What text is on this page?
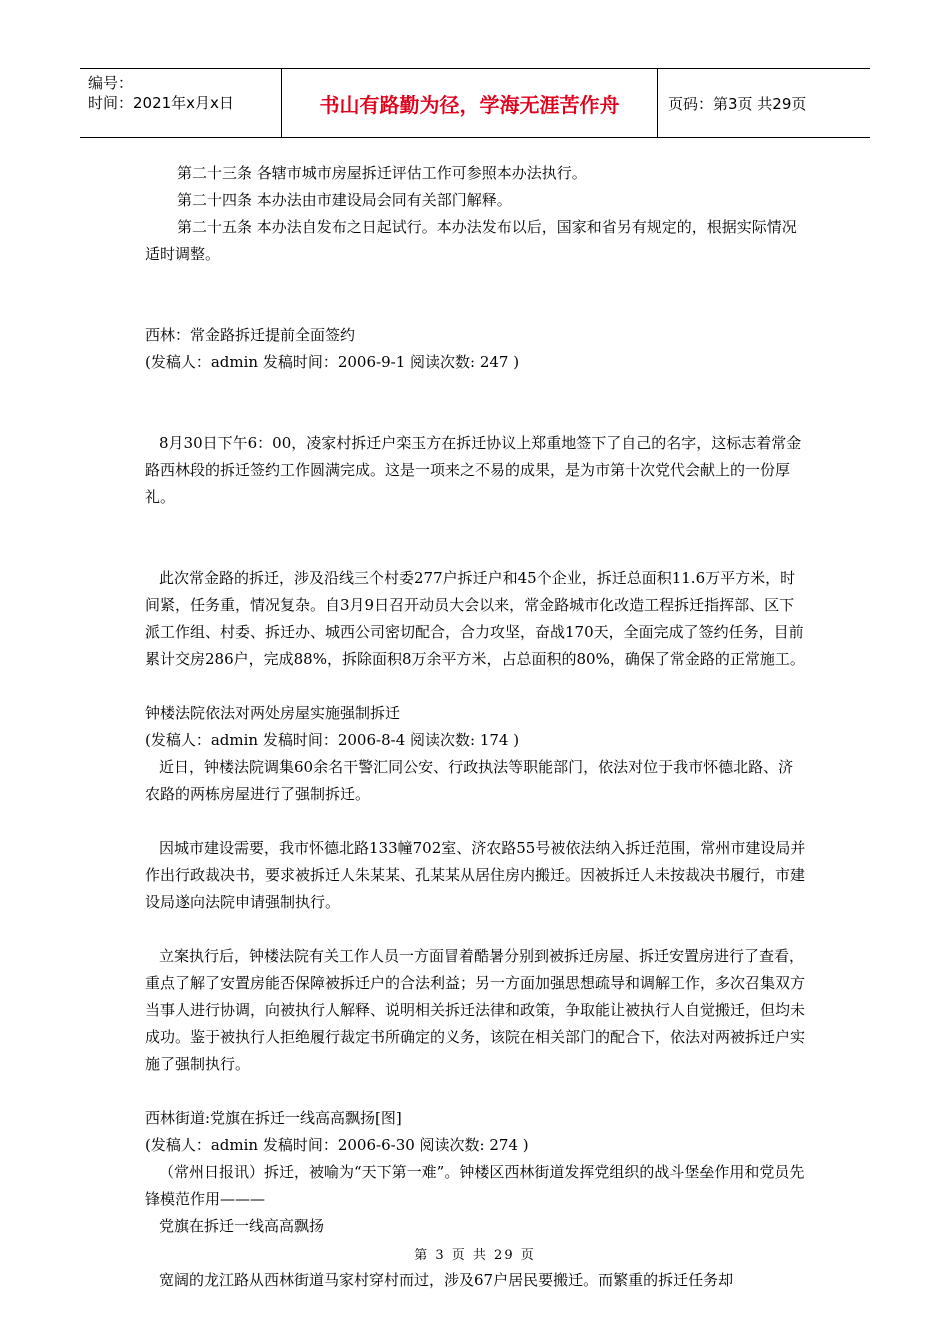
编号：
时间：2021年x月x日	书山有路勤为径，学海无涯苦作舟	页码：第3页 共29页

第二十三条 各辖市城市房屋拆迁评估工作可参照本办法执行。

第二十四条 本办法由市建设局会同有关部门解释。

第二十五条 本办法自发布之日起试行。本办法发布以后，国家和省另有规定的，根据实际情况适时调整。

西林：常金路拆迁提前全面签约

(发稿人：admin 发稿时间：2006-9-1 阅读次数: 247 )

8月30日下午6：00，凌家村拆迁户栾玉方在拆迁协议上郑重地签下了自己的名字，这标志着常金路西林段的拆迁签约工作圆满完成。这是一项来之不易的成果，是为市第十次党代会献上的一份厚礼。

此次常金路的拆迁，涉及沿线三个村委277户拆迁户和45个企业，拆迁总面积11.6万平方米，时间紧，任务重，情况复杂。自3月9日召开动员大会以来，常金路城市化改造工程拆迁指挥部、区下派工作组、村委、拆迁办、城西公司密切配合，合力攻坚，奋战170天，全面完成了签约任务，目前累计交房286户，完成88%，拆除面积8万余平方米，占总面积的80%，确保了常金路的正常施工。

钟楼法院依法对两处房屋实施强制拆迁

(发稿人：admin 发稿时间：2006-8-4 阅读次数: 174 )

近日，钟楼法院调集60余名干警汇同公安、行政执法等职能部门，依法对位于我市怀德北路、济农路的两栋房屋进行了强制拆迁。

因城市建设需要，我市怀德北路133幢702室、济农路55号被依法纳入拆迁范围，常州市建设局并作出行政裁决书，要求被拆迁人朱某某、孔某某从居住房内搬迁。因被拆迁人未按裁决书履行，市建设局遂向法院申请强制执行。

立案执行后，钟楼法院有关工作人员一方面冒着酷暑分别到被拆迁房屋、拆迁安置房进行了查看，重点了解了安置房能否保障被拆迁户的合法利益；另一方面加强思想疏导和调解工作，多次召集双方当事人进行协调，向被执行人解释、说明相关拆迁法律和政策，争取能让被执行人自觉搬迁，但均未成功。鉴于被执行人拒绝履行裁定书所确定的义务，该院在相关部门的配合下，依法对两被拆迁户实施了强制执行。

西林街道:党旗在拆迁一线高高飘扬[图]

(发稿人：admin 发稿时间：2006-6-30 阅读次数: 274 )

（常州日报讯）拆迁，被喻为“天下第一难”。钟楼区西林街道发挥党组织的战斗堡垒作用和党员先锋模范作用———

党旗在拆迁一线高高飘扬

宽阔的龙江路从西林街道马家村穿村而过，涉及67户居民要搬迁。而繁重的拆迁任务却

第 3 页 共 29 页
